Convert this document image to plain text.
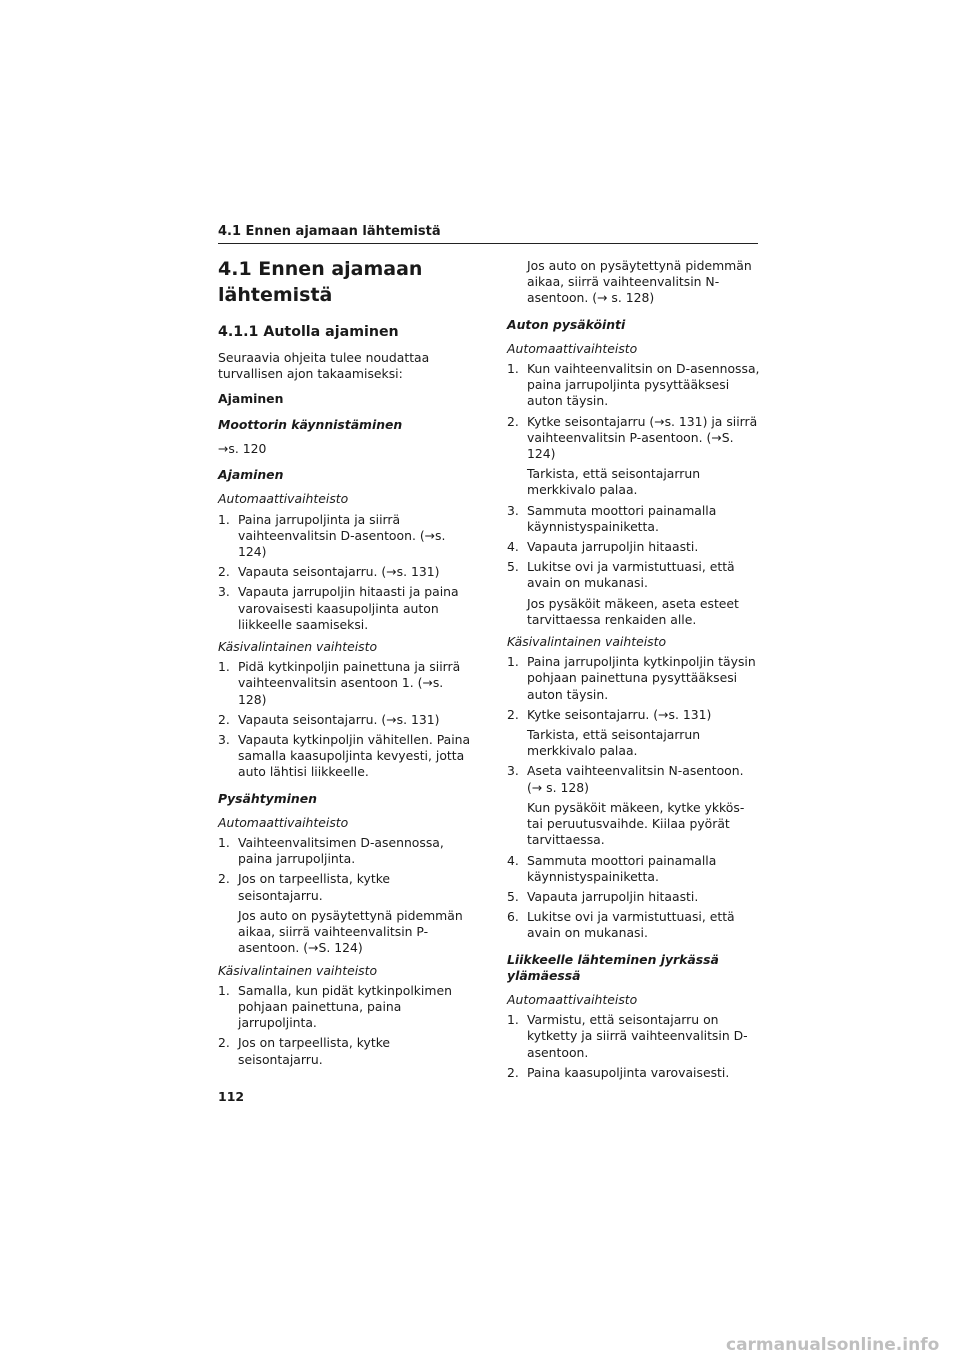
4.1 Ennen ajamaan lähtemistä
4.1 Ennen ajamaan lähtemistä
4.1.1 Autolla ajaminen

Seuraavia ohjeita tulee noudattaa turvallisen ajon takaamiseksi:

Ajaminen

Moottorin käynnistäminen

→s. 120

Ajaminen

Automaattivaihteisto

1. Paina jarrupoljinta ja siirrä vaihteenvalitsin D-asentoon. (→s. 124)
2. Vapauta seisontajarru. (→s. 131)
3. Vapauta jarrupoljin hitaasti ja paina varovaisesti kaasupoljinta auton liikkeelle saamiseksi.

Käsivalintainen vaihteisto

1. Pidä kytkinpoljin painettuna ja siirrä vaihteenvalitsin asentoon 1. (→s. 128)
2. Vapauta seisontajarru. (→s. 131)
3. Vapauta kytkinpoljin vähitellen. Paina samalla kaasupoljinta kevyesti, jotta auto lähtisi liikkeelle.

Pysähtyminen

Automaattivaihteisto

1. Vaihteenvalitsimen D-asennossa, paina jarrupoljinta.
2. Jos on tarpeellista, kytke seisontajarru.
Jos auto on pysäytettynä pidemmän aikaa, siirrä vaihteenvalitsin P-asentoon. (→S. 124)

Käsivalintainen vaihteisto

1. Samalla, kun pidät kytkinpolkimen pohjaan painettuna, paina jarrupoljinta.
2. Jos on tarpeellista, kytke seisontajarru.

Jos auto on pysäytettynä pidemmän aikaa, siirrä vaihteenvalitsin N-asentoon. (→ s. 128)

Auton pysäköinti

Automaattivaihteisto

1. Kun vaihteenvalitsin on D-asennossa, paina jarrupoljinta pysyttääksesi auton täysin.
2. Kytke seisontajarru (→s. 131) ja siirrä vaihteenvalitsin P-asentoon. (→S. 124)
Tarkista, että seisontajarrun merkkivalo palaa.
3. Sammuta moottori painamalla käynnistyspainiketta.
4. Vapauta jarrupoljin hitaasti.
5. Lukitse ovi ja varmistuttuasi, että avain on mukanasi.
Jos pysäköit mäkeen, aseta esteet tarvittaessa renkaiden alle.

Käsivalintainen vaihteisto

1. Paina jarrupoljinta kytkinpoljin täysin pohjaan painettuna pysyttääksesi auton täysin.
2. Kytke seisontajarru. (→s. 131)
Tarkista, että seisontajarrun merkkivalo palaa.
3. Aseta vaihteenvalitsin N-asentoon. (→ s. 128)
Kun pysäköit mäkeen, kytke ykkös- tai peruutusvaihde. Kiilaa pyörät tarvittaessa.
4. Sammuta moottori painamalla käynnistyspainiketta.
5. Vapauta jarrupoljin hitaasti.
6. Lukitse ovi ja varmistuttuasi, että avain on mukanasi.

Liikkeelle lähteminen jyrkässä ylämäessä

Automaattivaihteisto

1. Varmistu, että seisontajarru on kytketty ja siirrä vaihteenvalitsin D-asentoon.
2. Paina kaasupoljinta varovaisesti.
112
carmanualsonline.info
